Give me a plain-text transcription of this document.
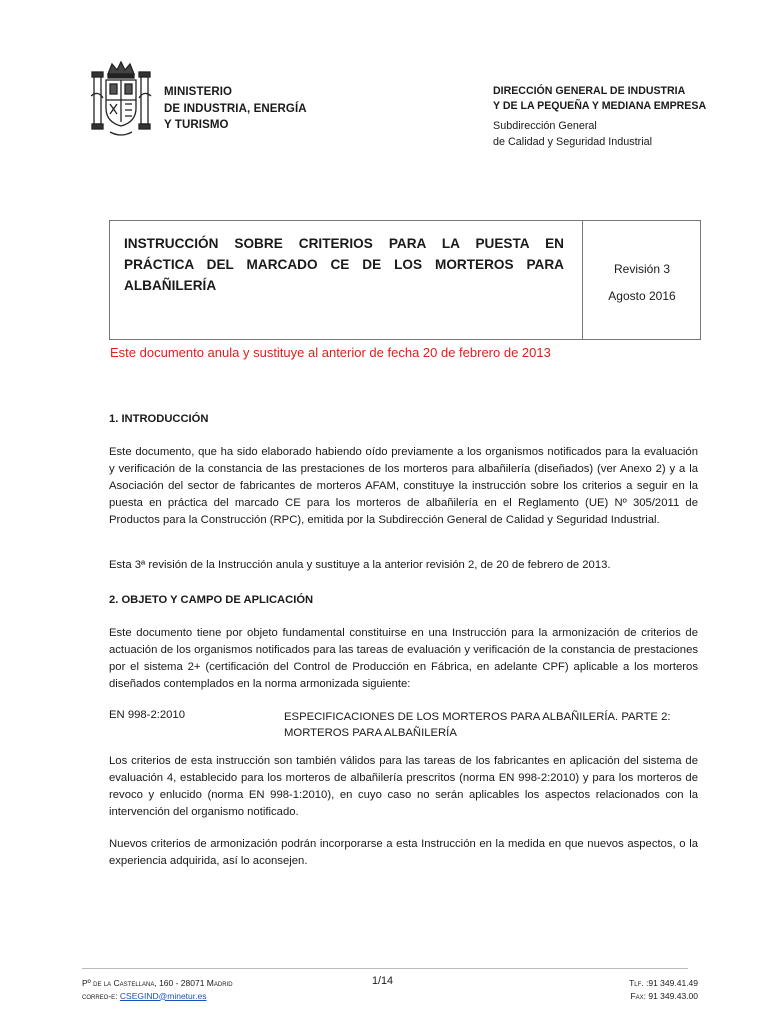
MINISTERIO
DE INDUSTRIA, ENERGÍA
Y TURISMO
DIRECCIÓN GENERAL DE INDUSTRIA
Y DE LA PEQUEÑA Y MEDIANA EMPRESA
Subdirección General
de Calidad y Seguridad Industrial
INSTRUCCIÓN SOBRE CRITERIOS PARA LA PUESTA EN PRÁCTICA DEL MARCADO CE DE LOS MORTEROS PARA ALBAÑILERÍA
Revisión 3
Agosto 2016
Este documento anula y sustituye al anterior de fecha 20 de febrero de 2013
1. INTRODUCCIÓN
Este documento, que ha sido elaborado habiendo oído previamente a los organismos notificados para la evaluación y verificación de la constancia de las prestaciones de los morteros para albañilería (diseñados) (ver Anexo 2) y a la Asociación del sector de fabricantes de morteros AFAM, constituye la instrucción sobre los criterios a seguir en la puesta en práctica del marcado CE para los morteros de albañilería en el Reglamento (UE) Nº 305/2011 de Productos para la Construcción (RPC), emitida por la Subdirección General de Calidad y Seguridad Industrial.
Esta 3ª revisión de la Instrucción anula y sustituye a la anterior revisión 2, de 20 de febrero de 2013.
2. OBJETO Y CAMPO DE APLICACIÓN
Este documento tiene por objeto fundamental constituirse en una Instrucción para la armonización de criterios de actuación de los organismos notificados para las tareas de evaluación y verificación de la constancia de prestaciones por el sistema 2+ (certificación del Control de Producción en Fábrica, en adelante CPF) aplicable a los morteros diseñados contemplados en la norma armonizada siguiente:
EN 998-2:2010	ESPECIFICACIONES DE LOS MORTEROS PARA ALBAÑILERÍA. PARTE 2: MORTEROS PARA ALBAÑILERÍA
Los criterios de esta instrucción son también válidos para las tareas de los fabricantes en aplicación del sistema de evaluación 4, establecido para los morteros de albañilería prescritos (norma EN 998-2:2010) y para los morteros de revoco y enlucido (norma EN 998-1:2010), en cuyo caso no serán aplicables los aspectos relacionados con la intervención del organismo notificado.
Nuevos criterios de armonización podrán incorporarse a esta Instrucción en la medida en que nuevos aspectos, o la experiencia adquirida, así lo aconsejen.
Pº de la Castellana, 160 - 28071 Madrid
correo-e: CSEGIND@minetur.es
1/14	Tlf. :91 349.41.49
Fax: 91 349.43.00
